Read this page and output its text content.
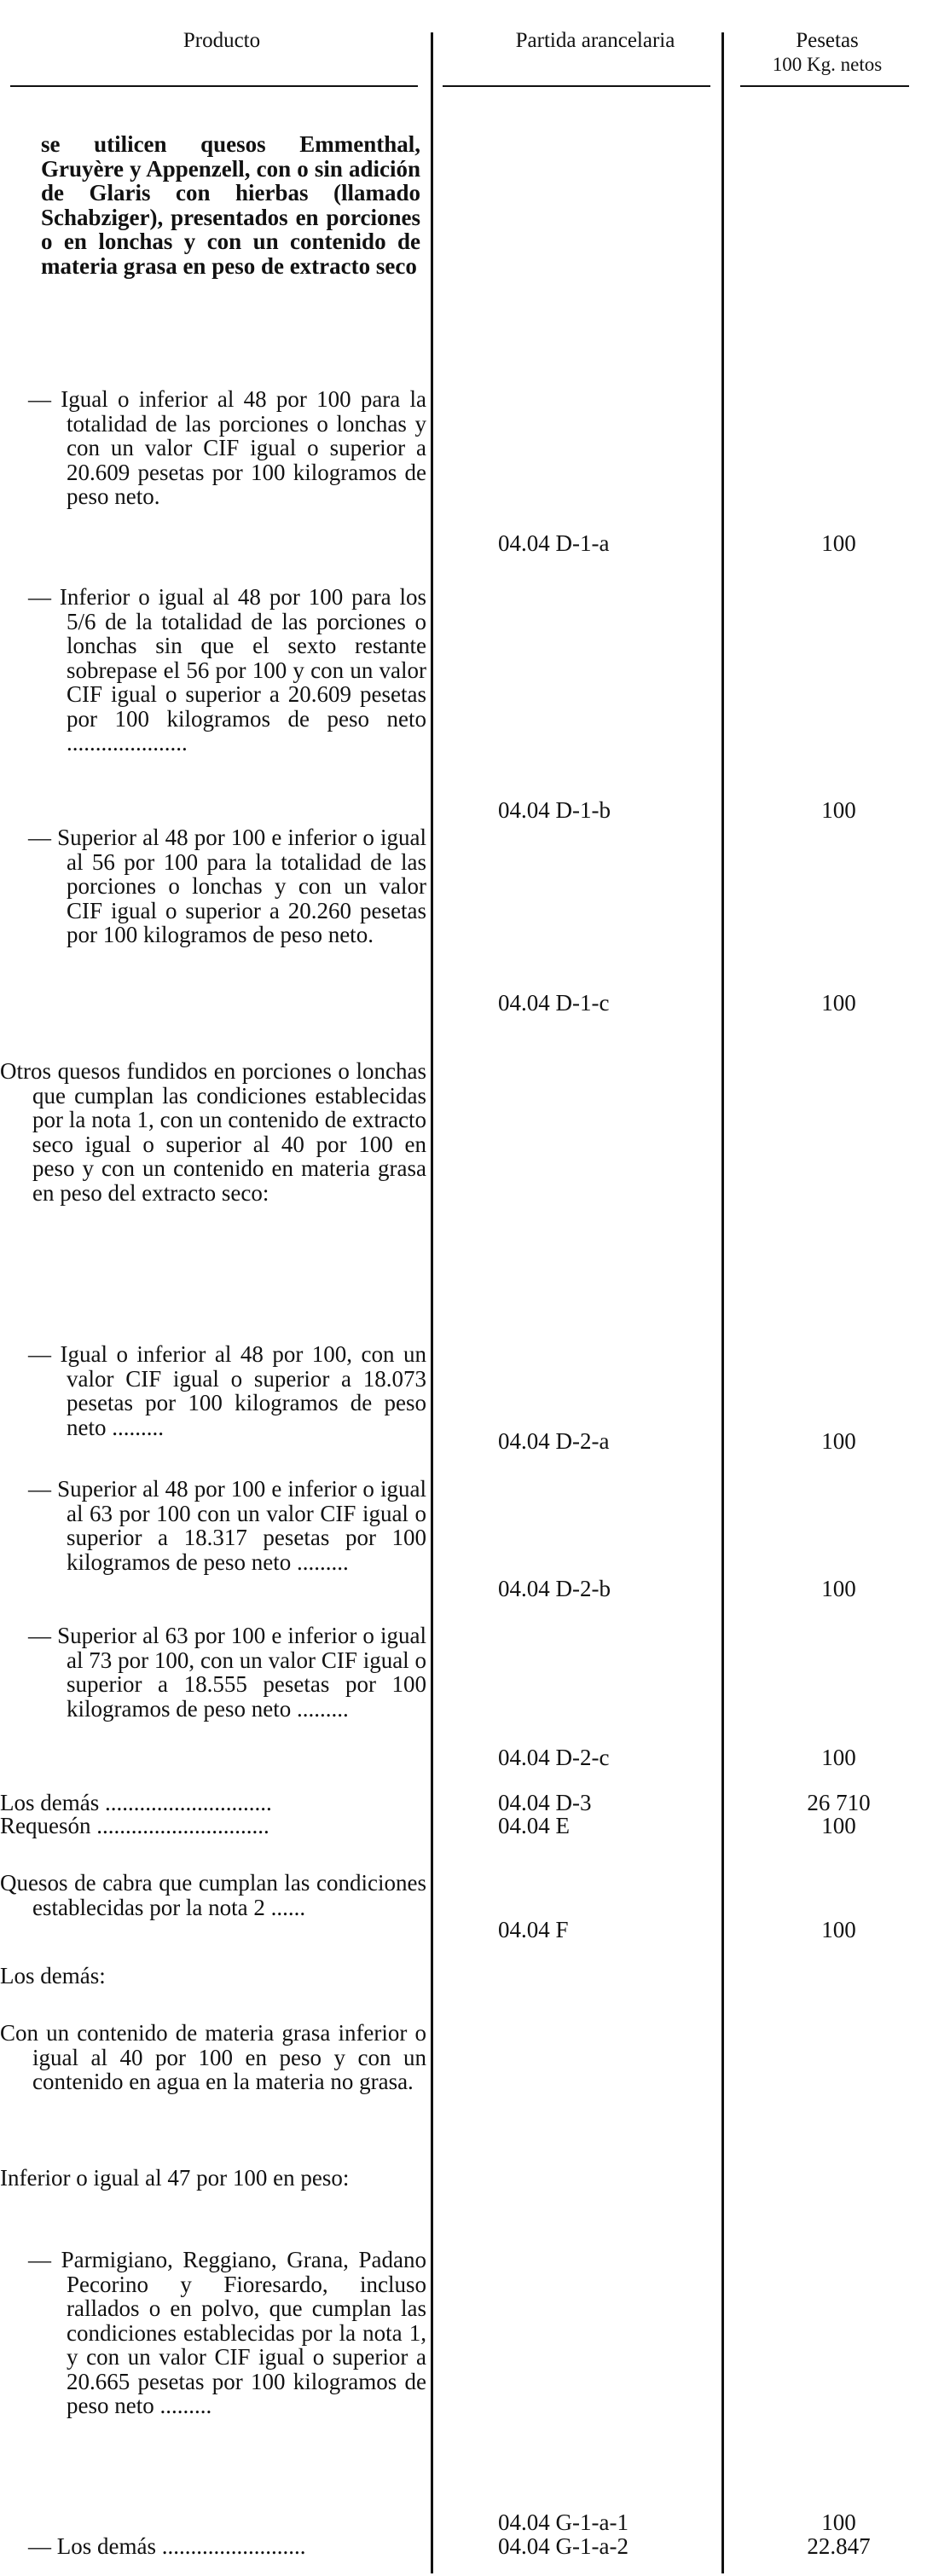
Producto	Partida arancelaria	Pesetas
100 Kg. netos

se utilicen quesos Emmenthal, Gruyère y Appenzell, con o sin adición de Glaris con hierbas (llamado Schabziger), presentados en porciones o en lonchas y con un contenido de materia grasa en peso de extracto seco

— Igual o inferior al 48 por 100 para la totalidad de las porciones o lonchas y con un valor CIF igual o superior a 20.609 pesetas por 100 kilogramos de peso neto.

— Inferior o igual al 48 por 100 para los 5/6 de la totalidad de las porciones o lonchas sin que el sexto restante sobrepase el 56 por 100 y con un valor CIF igual o superior a 20.609 pesetas por 100 kilogramos de peso neto .....................

— Superior al 48 por 100 e inferior o igual al 56 por 100 para la totalidad de las porciones o lonchas y con un valor CIF igual o superior a 20.260 pesetas por 100 kilogramos de peso neto.

Otros quesos fundidos en porciones o lonchas que cumplan las condiciones establecidas por la nota 1, con un contenido de extracto seco igual o superior al 40 por 100 en peso y con un contenido en materia grasa en peso del extracto seco:

— Igual o inferior al 48 por 100, con un valor CIF igual o superior a 18.073 pesetas por 100 kilogramos de peso neto .........

— Superior al 48 por 100 e inferior o igual al 63 por 100 con un valor CIF igual o superior a 18.317 pesetas por 100 kilogramos de peso neto .........

— Superior al 63 por 100 e inferior o igual al 73 por 100, con un valor CIF igual o superior a 18.555 pesetas por 100 kilogramos de peso neto .........

Los demás .............................

Requesón ..............................

Quesos de cabra que cumplan las condiciones establecidas por la nota 2 ......

Los demás:

Con un contenido de materia grasa inferior o igual al 40 por 100 en peso y con un contenido en agua en la materia no grasa.

Inferior o igual al 47 por 100 en peso:

— Parmigiano, Reggiano, Grana, Padano Pecorino y Fioresardo, incluso rallados o en polvo, que cumplan las condiciones establecidas por la nota 1, y con un valor CIF igual o superior a 20.665 pesetas por 100 kilogramos de peso neto .........

— Los demás .........................

04.04 D-1-a
04.04 D-1-b
04.04 D-1-c
04.04 D-2-a
04.04 D-2-b
04.04 D-2-c
04.04 D-3
04.04 E
04.04 F
04.04 G-1-a-1
04.04 G-1-a-2
100
100
100
100
100
100
26 710
100
100
100
22.847
